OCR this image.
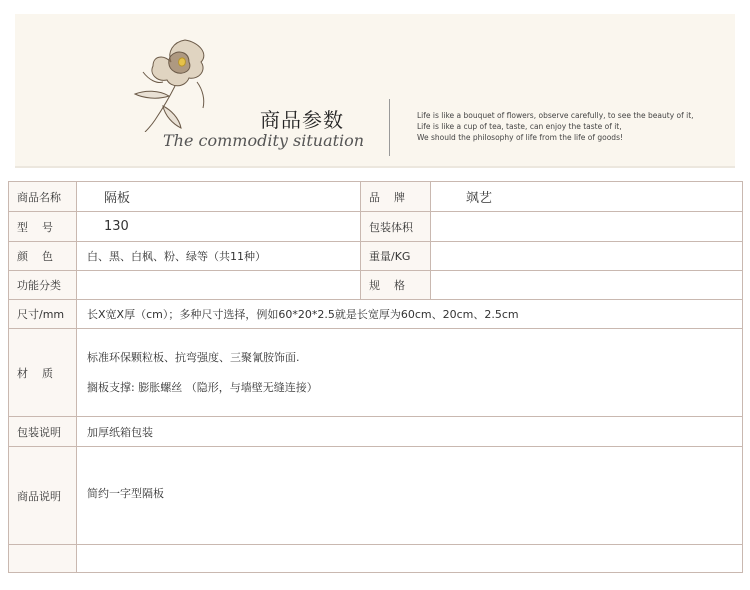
商品参数
The commodity situation
Life is like a bouquet of flowers, observe carefully, to see the beauty of it,
Life is like a cup of tea, taste, can enjoy the taste of it,
We should the philosophy of life from the life of goods!
商品名称	隔板	品牌	飒艺
型号	130	包装体积	
颜色	白、黑、白枫、粉、绿等（共11种）	重量/KG	
功能分类		规格	
尺寸/mm	长X宽X厚（cm）；多种尺寸选择，例如60*20*2.5就是长宽厚为60cm、20cm、2.5cm		
材质	标准环保颗粒板、抗弯强度、三聚氰胺饰面.
搁板支撑: 膨胀螺丝 （隐形，与墙壁无缝连接）		

包装说明	加厚纸箱包装		
商品说明	简约一字型隔板		
